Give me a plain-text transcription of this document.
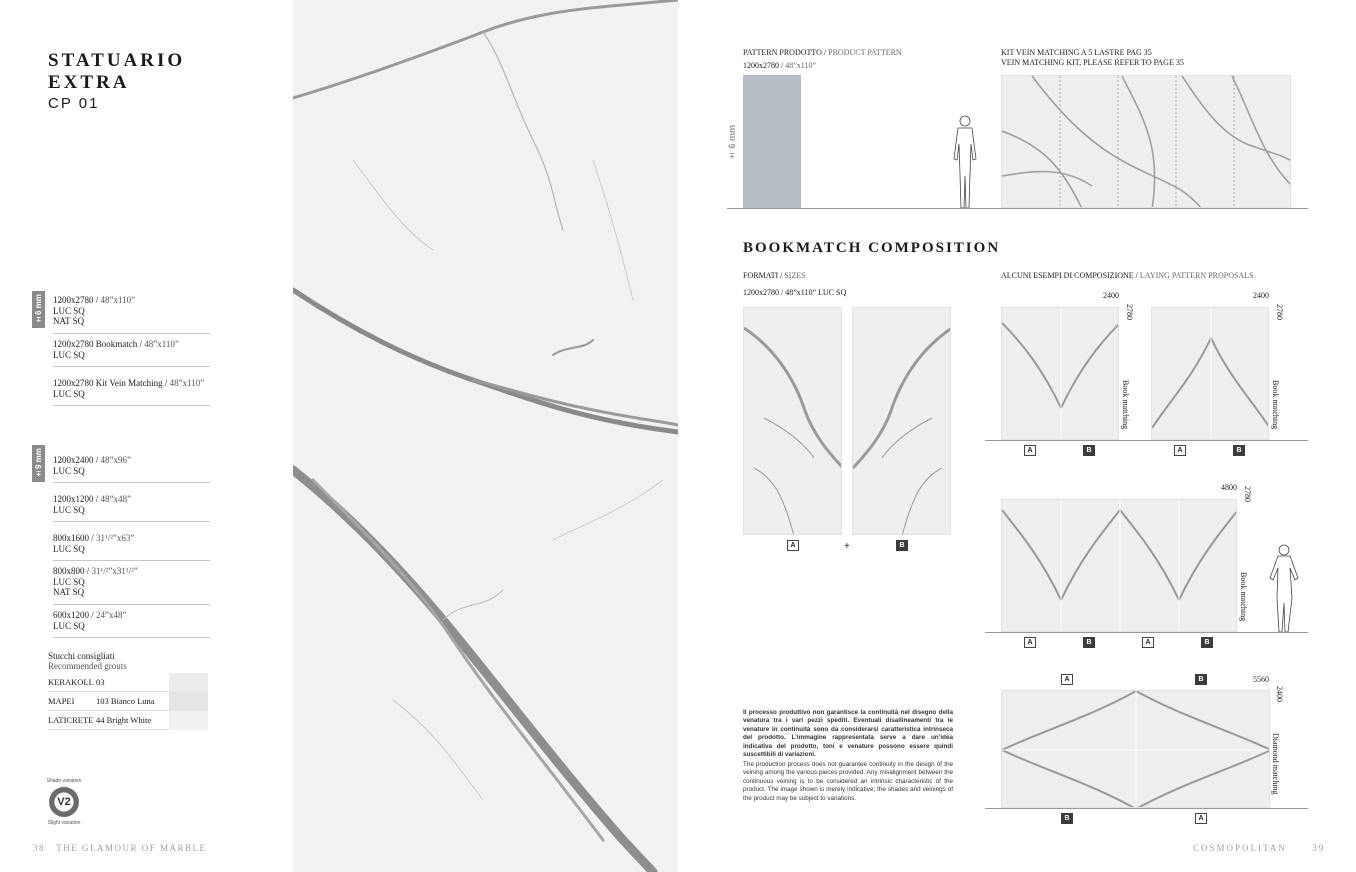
STATUARIO
EXTRA
CP 01
±
6 mm 1200x2780 / 48”x110”
LUC SQ
NAT SQ
1200x2780 Bookmatch / 48”x110”
LUC SQ
1200x2780 Kit Vein Matching / 48”x110”
LUC SQ
±
9 mm 1200x2400 / 48”x96”
LUC SQ
1200x1200 / 48”x48”
LUC SQ
800x1600 / 31¹/²”x63”
LUC SQ
800x800 / 31¹/²”x31¹/²”
LUC SQ
NAT SQ
600x1200 / 24”x48”
LUC SQ
Stucchi consigliati
Recommended grouts
KERAKOLL 03
MAPEI	103 Bianco Luna
LATICRETE 44 Bright White
Shade variation
V2
Slight variation
38 THE GLAMOUR OF MARBLE
PATTERN PRODOTTO / PRODUCT PATTERN
1200x2780 / 48”x110”
± 6 mm
KIT VEIN MATCHING A 5 LASTRE PAG 35
VEIN MATCHING KIT, PLEASE REFER TO PAGE 35
BOOKMATCH COMPOSITION
FORMATI / SIZES
1200x2780 / 48”x110” LUC SQ
A	+	B
ALCUNI ESEMPI DI COMPOSIZIONE / LAYING PATTERN PROPOSALS
2400
2780
Book matching
A	B
2400
2780
Book matching
A	B
4800 2780
Book matching
A	B	A	B
A	B	5560
2400
Diamond matching
B	A
Il processo produttivo non garantisce la continuità nel disegno della venatura tra i vari pezzi spediti. Eventuali disallineamenti tra le venature in continuità sono da considerarsi caratteristica intrinseca del prodotto. L’immagine rappresentata serve a dare un’idea indicativa del prodotto, toni e venature possono essere quindi suscettibili di variazioni.
The production process does not guarantee continuity in the design of the veining among the various pieces provided. Any misalignment between the continuous veining is to be considered an intrinsic characteristic of the product. The image shown is merely indicative; the shades and veinings of the product may be subject to variations.
COSMOPOLITAN	39
